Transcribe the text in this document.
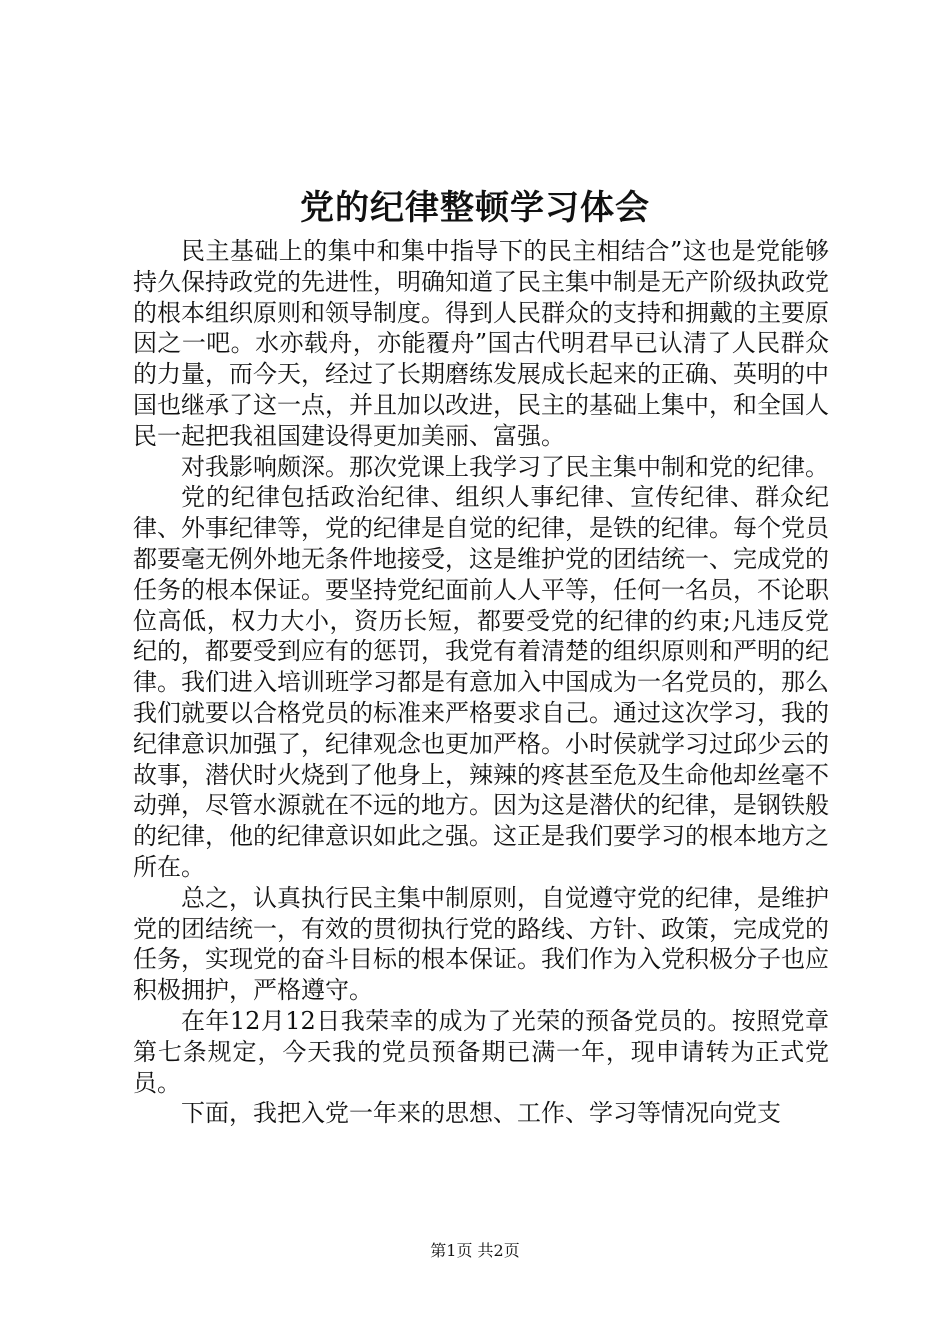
党的纪律整顿学习体会

民主基础上的集中和集中指导下的民主相结合”这也是党能够持久保持政党的先进性，明确知道了民主集中制是无产阶级执政党的根本组织原则和领导制度。得到人民群众的支持和拥戴的主要原因之一吧。水亦载舟，亦能覆舟”国古代明君早已认清了人民群众的力量，而今天，经过了长期磨练发展成长起来的正确、英明的中国也继承了这一点，并且加以改进，民主的基础上集中，和全国人民一起把我祖国建设得更加美丽、富强。

对我影响颇深。那次党课上我学习了民主集中制和党的纪律。

党的纪律包括政治纪律、组织人事纪律、宣传纪律、群众纪律、外事纪律等，党的纪律是自觉的纪律，是铁的纪律。每个党员都要毫无例外地无条件地接受，这是维护党的团结统一、完成党的任务的根本保证。要坚持党纪面前人人平等，任何一名员，不论职位高低，权力大小，资历长短，都要受党的纪律的约束;凡违反党纪的，都要受到应有的惩罚，我党有着清楚的组织原则和严明的纪律。我们进入培训班学习都是有意加入中国成为一名党员的，那么我们就要以合格党员的标准来严格要求自己。通过这次学习，我的纪律意识加强了，纪律观念也更加严格。小时侯就学习过邱少云的故事，潜伏时火烧到了他身上，辣辣的疼甚至危及生命他却丝毫不动弹，尽管水源就在不远的地方。因为这是潜伏的纪律，是钢铁般的纪律，他的纪律意识如此之强。这正是我们要学习的根本地方之所在。

总之，认真执行民主集中制原则，自觉遵守党的纪律，是维护党的团结统一，有效的贯彻执行党的路线、方针、政策，完成党的任务，实现党的奋斗目标的根本保证。我们作为入党积极分子也应积极拥护，严格遵守。

在年12月12日我荣幸的成为了光荣的预备党员的。按照党章第七条规定，今天我的党员预备期已满一年，现申请转为正式党员。

下面，我把入党一年来的思想、工作、学习等情况向党支

第1页 共2页
